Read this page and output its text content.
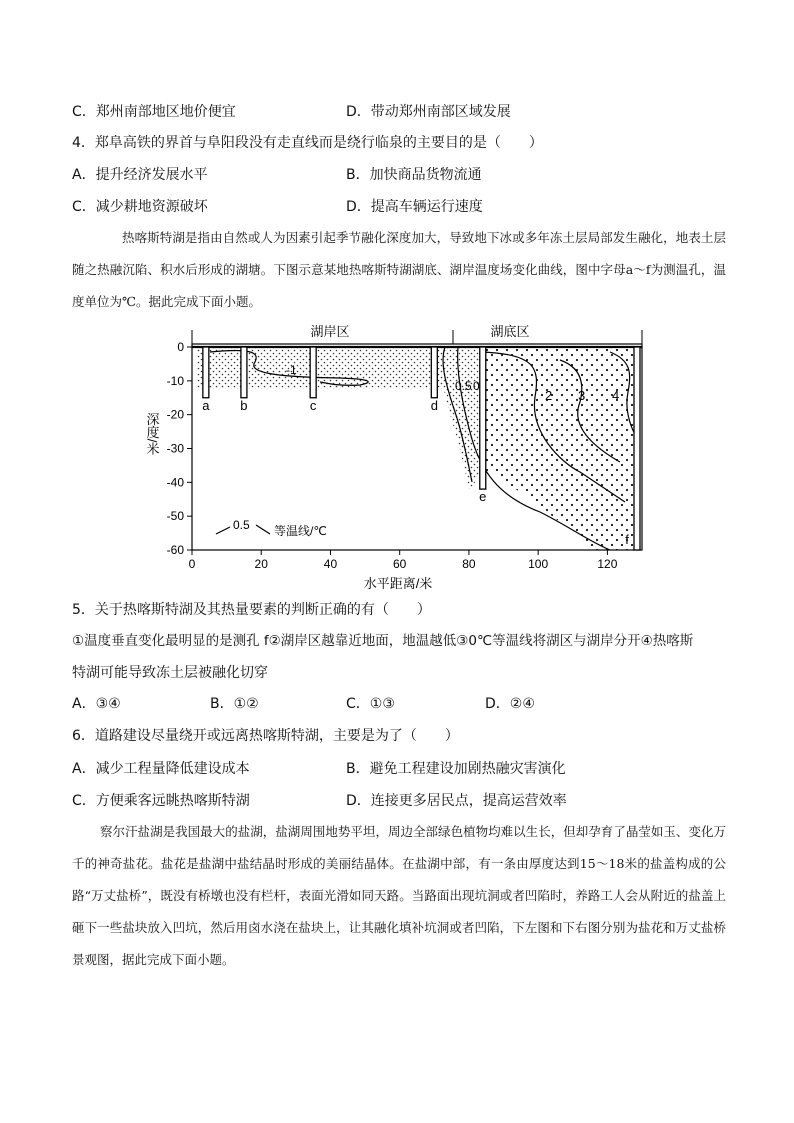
C．郑州南部地区地价便宜	D．带动郑州南部区域发展
4．郑阜高铁的界首与阜阳段没有走直线而是绕行临泉的主要目的是（　　）
A．提升经济发展水平	B．加快商品货物流通
C．减少耕地资源破坏	D．提高车辆运行速度
热喀斯特湖是指由自然或人为因素引起季节融化深度加大，导致地下冰或多年冻土层局部发生融化，地表土层随之热融沉陷、积水后形成的湖塘。下图示意某地热喀斯特湖湖底、湖岸温度场变化曲线，图中字母a～f为测温孔，温度单位为℃。据此完成下面小题。
湖岸区	湖底区
-1
0.5 0
2 3 4
a b	c	d
e
f
0	20	40	60	80	100	120
0
-10
-20
-30
-40
-50
-60
水平距离/米
深度/米
0.5 等温线/℃
5．关于热喀斯特湖及其热量要素的判断正确的有（　　）
①温度垂直变化最明显的是测孔 f②湖岸区越靠近地面，地温越低③0℃等温线将湖区与湖岸分开④热喀斯
特湖可能导致冻土层被融化切穿
A．③④	B．①②	C．①③	D．②④
6．道路建设尽量绕开或远离热喀斯特湖，主要是为了（　　）
A．减少工程量降低建设成本	B．避免工程建设加剧热融灾害演化
C．方便乘客远眺热喀斯特湖	D．连接更多居民点，提高运营效率
察尔汗盐湖是我国最大的盐湖，盐湖周围地势平坦，周边全部绿色植物均难以生长，但却孕育了晶莹如玉、变化万千的神奇盐花。盐花是盐湖中盐结晶时形成的美丽结晶体。在盐湖中部，有一条由厚度达到15～18米的盐盖构成的公路“万丈盐桥”，既没有桥墩也没有栏杆，表面光滑如同天路。当路面出现坑洞或者凹陷时，养路工人会从附近的盐盖上砸下一些盐块放入凹坑，然后用卤水浇在盐块上，让其融化填补坑洞或者凹陷，下左图和下右图分别为盐花和万丈盐桥景观图，据此完成下面小题。
